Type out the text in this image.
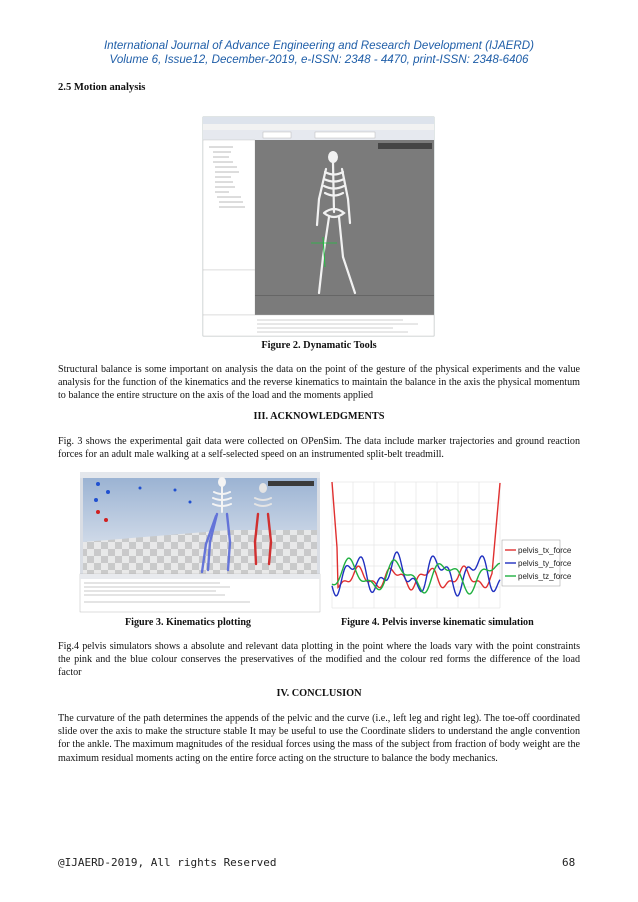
International Journal of Advance Engineering and Research Development (IJAERD)
Volume 6, Issue12, December-2019, e-ISSN: 2348 - 4470, print-ISSN: 2348-6406
2.5 Motion analysis
Figure 2. Dynamatic Tools
Structural balance is some important on analysis the data on the point of the gesture of the physical experiments and the value analysis for the function of the kinematics and the reverse kinematics to maintain the balance in the axis the physical momentum to balance the entire structure on the axis of the load and the moments applied
III. ACKNOWLEDGMENTS
Fig. 3 shows the experimental gait data were collected on OPenSim. The data include marker trajectories and ground reaction forces for an adult male walking at a self-selected speed on an instrumented split-belt treadmill.
pelvis_tx_force
pelvis_ty_force
pelvis_tz_force
Figure 3. Kinematics plotting	Figure 4. Pelvis inverse kinematic simulation
Fig.4 pelvis simulators shows a absolute and relevant data plotting in the point where the loads vary with the point constraints the pink and the blue colour conserves the preservatives of the modified and the colour red forms the difference of the load factor
IV. CONCLUSION
The curvature of the path determines the appends of the pelvic and the curve (i.e., left leg and right leg). The toe-off coordinated slide over the axis to make the structure stable It may be useful to use the Coordinate sliders to understand the angle convention for the ankle. The maximum magnitudes of the residual forces using the mass of the subject from fraction of body weight are the maximum residual moments acting on the entire force acting on the structure to balance the body mechanics.
@IJAERD-2019, All rights Reserved	68
